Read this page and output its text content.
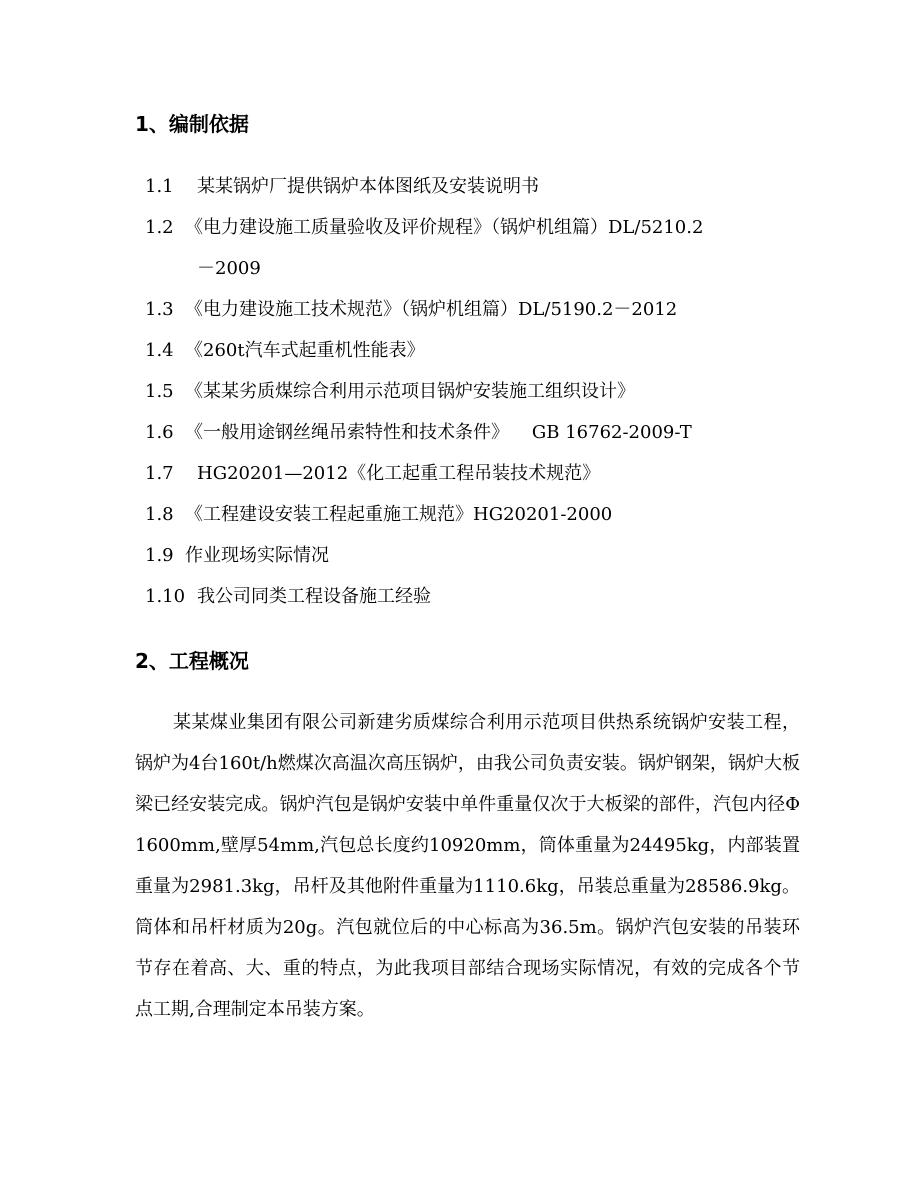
1、编制依据
1.1 某某锅炉厂提供锅炉本体图纸及安装说明书
1.2 《电力建设施工质量验收及评价规程》（锅炉机组篇）DL/5210.2
－2009
1.3 《电力建设施工技术规范》（锅炉机组篇）DL/5190.2－2012
1.4 《260t汽车式起重机性能表》
1.5 《某某劣质煤综合利用示范项目锅炉安装施工组织设计》
1.6 《一般用途钢丝绳吊索特性和技术条件》    GB 16762-2009-T
1.7 HG20201—2012《化工起重工程吊装技术规范》
1.8 《工程建设安装工程起重施工规范》HG20201-2000
1.9 作业现场实际情况
1.10 我公司同类工程设备施工经验
2、工程概况
某某煤业集团有限公司新建劣质煤综合利用示范项目供热系统锅炉安装工程，锅炉为4台160t/h燃煤次高温次高压锅炉，由我公司负责安装。锅炉钢架，锅炉大板梁已经安装完成。锅炉汽包是锅炉安装中单件重量仅次于大板梁的部件，汽包内径Φ1600mm,壁厚54mm,汽包总长度约10920mm，筒体重量为24495kg，内部装置重量为2981.3kg，吊杆及其他附件重量为1110.6kg，吊装总重量为28586.9kg。筒体和吊杆材质为20g。汽包就位后的中心标高为36.5m。锅炉汽包安装的吊装环节存在着高、大、重的特点，为此我项目部结合现场实际情况，有效的完成各个节点工期,合理制定本吊装方案。
